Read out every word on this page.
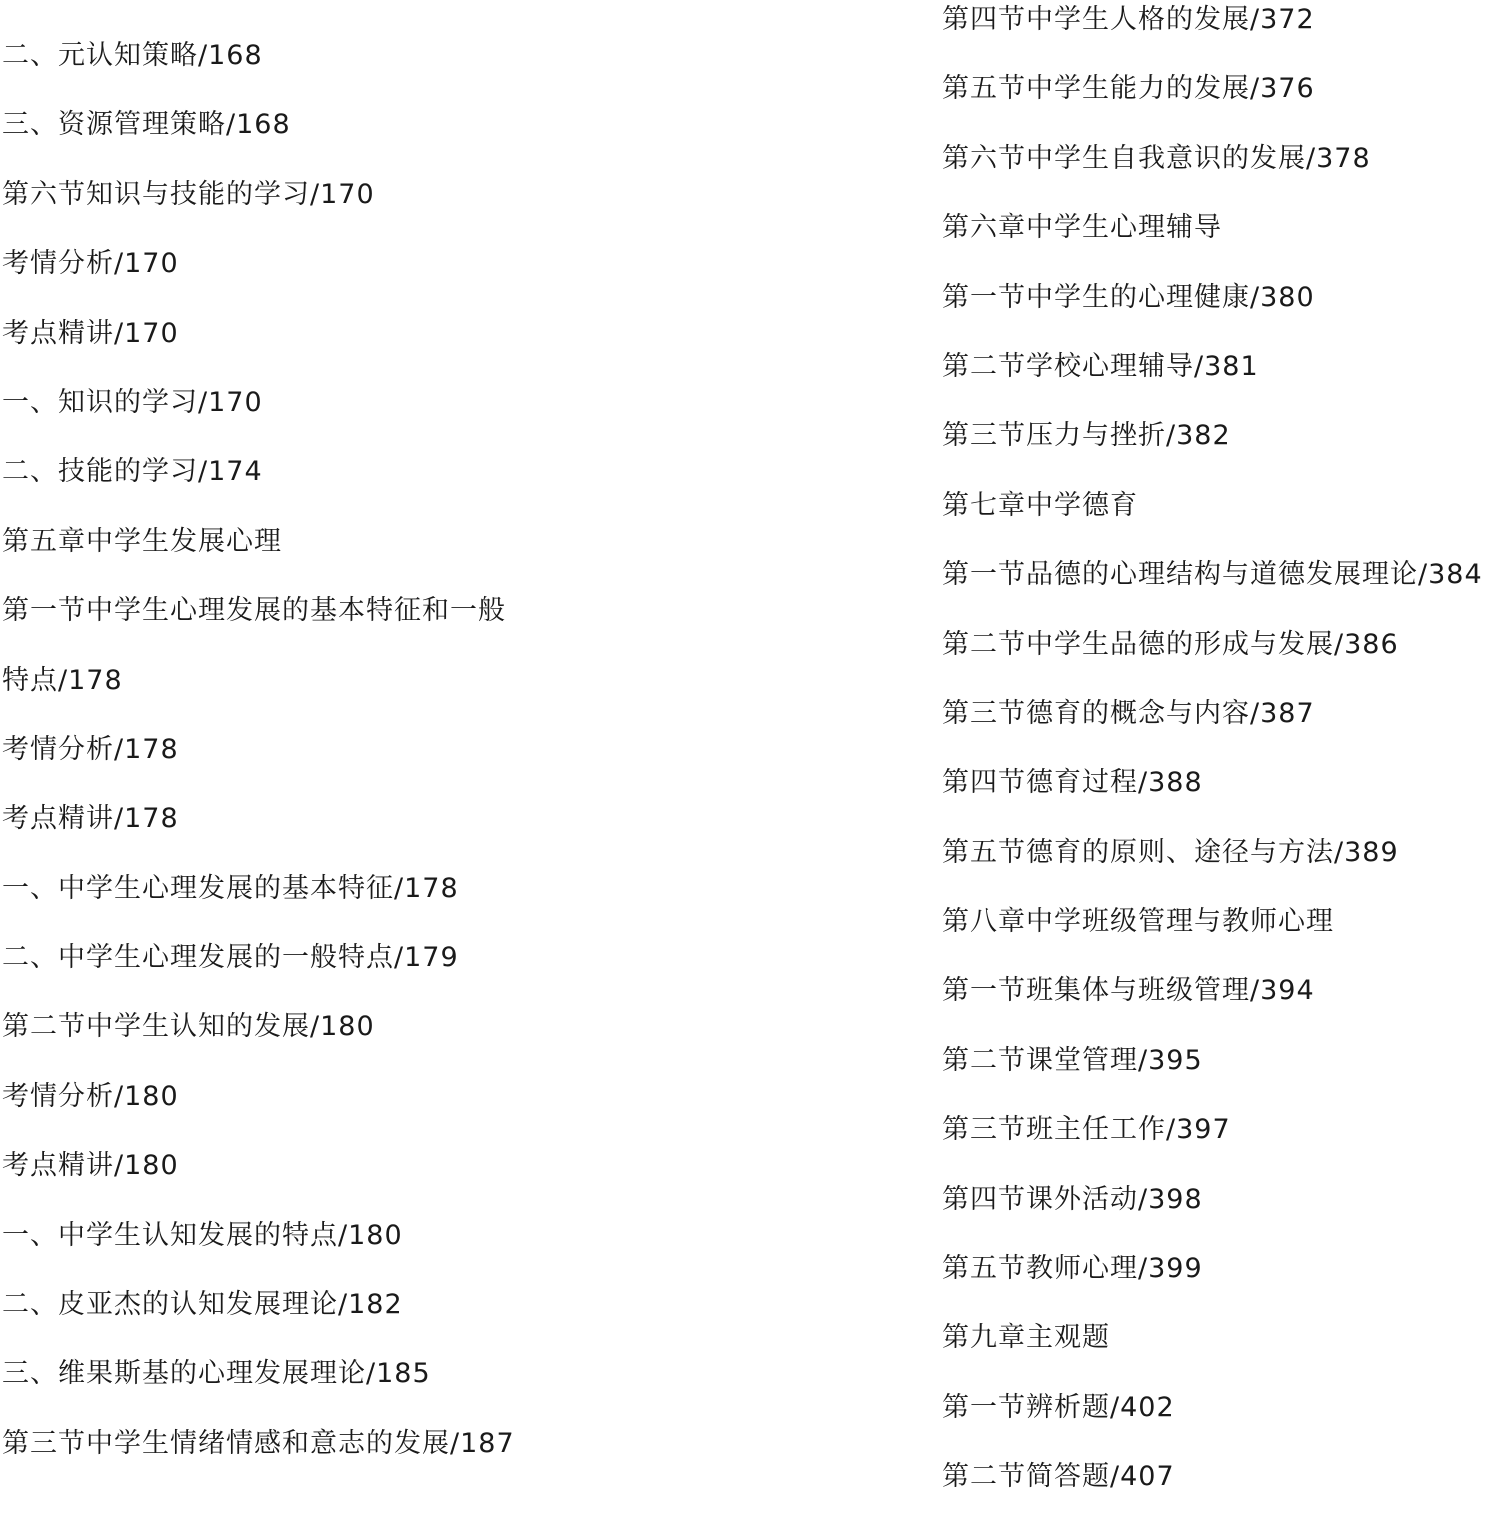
二、元认知策略/168
三、资源管理策略/168
第六节知识与技能的学习/170
考情分析/170
考点精讲/170
一、知识的学习/170
二、技能的学习/174
第五章中学生发展心理
第一节中学生心理发展的基本特征和一般
特点/178
考情分析/178
考点精讲/178
一、中学生心理发展的基本特征/178
二、中学生心理发展的一般特点/179
第二节中学生认知的发展/180
考情分析/180
考点精讲/180
一、中学生认知发展的特点/180
二、皮亚杰的认知发展理论/182
三、维果斯基的心理发展理论/185
第三节中学生情绪情感和意志的发展/187
第四节中学生人格的发展/372
第五节中学生能力的发展/376
第六节中学生自我意识的发展/378
第六章中学生心理辅导
第一节中学生的心理健康/380
第二节学校心理辅导/381
第三节压力与挫折/382
第七章中学德育
第一节品德的心理结构与道德发展理论/384
第二节中学生品德的形成与发展/386
第三节德育的概念与内容/387
第四节德育过程/388
第五节德育的原则、途径与方法/389
第八章中学班级管理与教师心理
第一节班集体与班级管理/394
第二节课堂管理/395
第三节班主任工作/397
第四节课外活动/398
第五节教师心理/399
第九章主观题
第一节辨析题/402
第二节简答题/407
